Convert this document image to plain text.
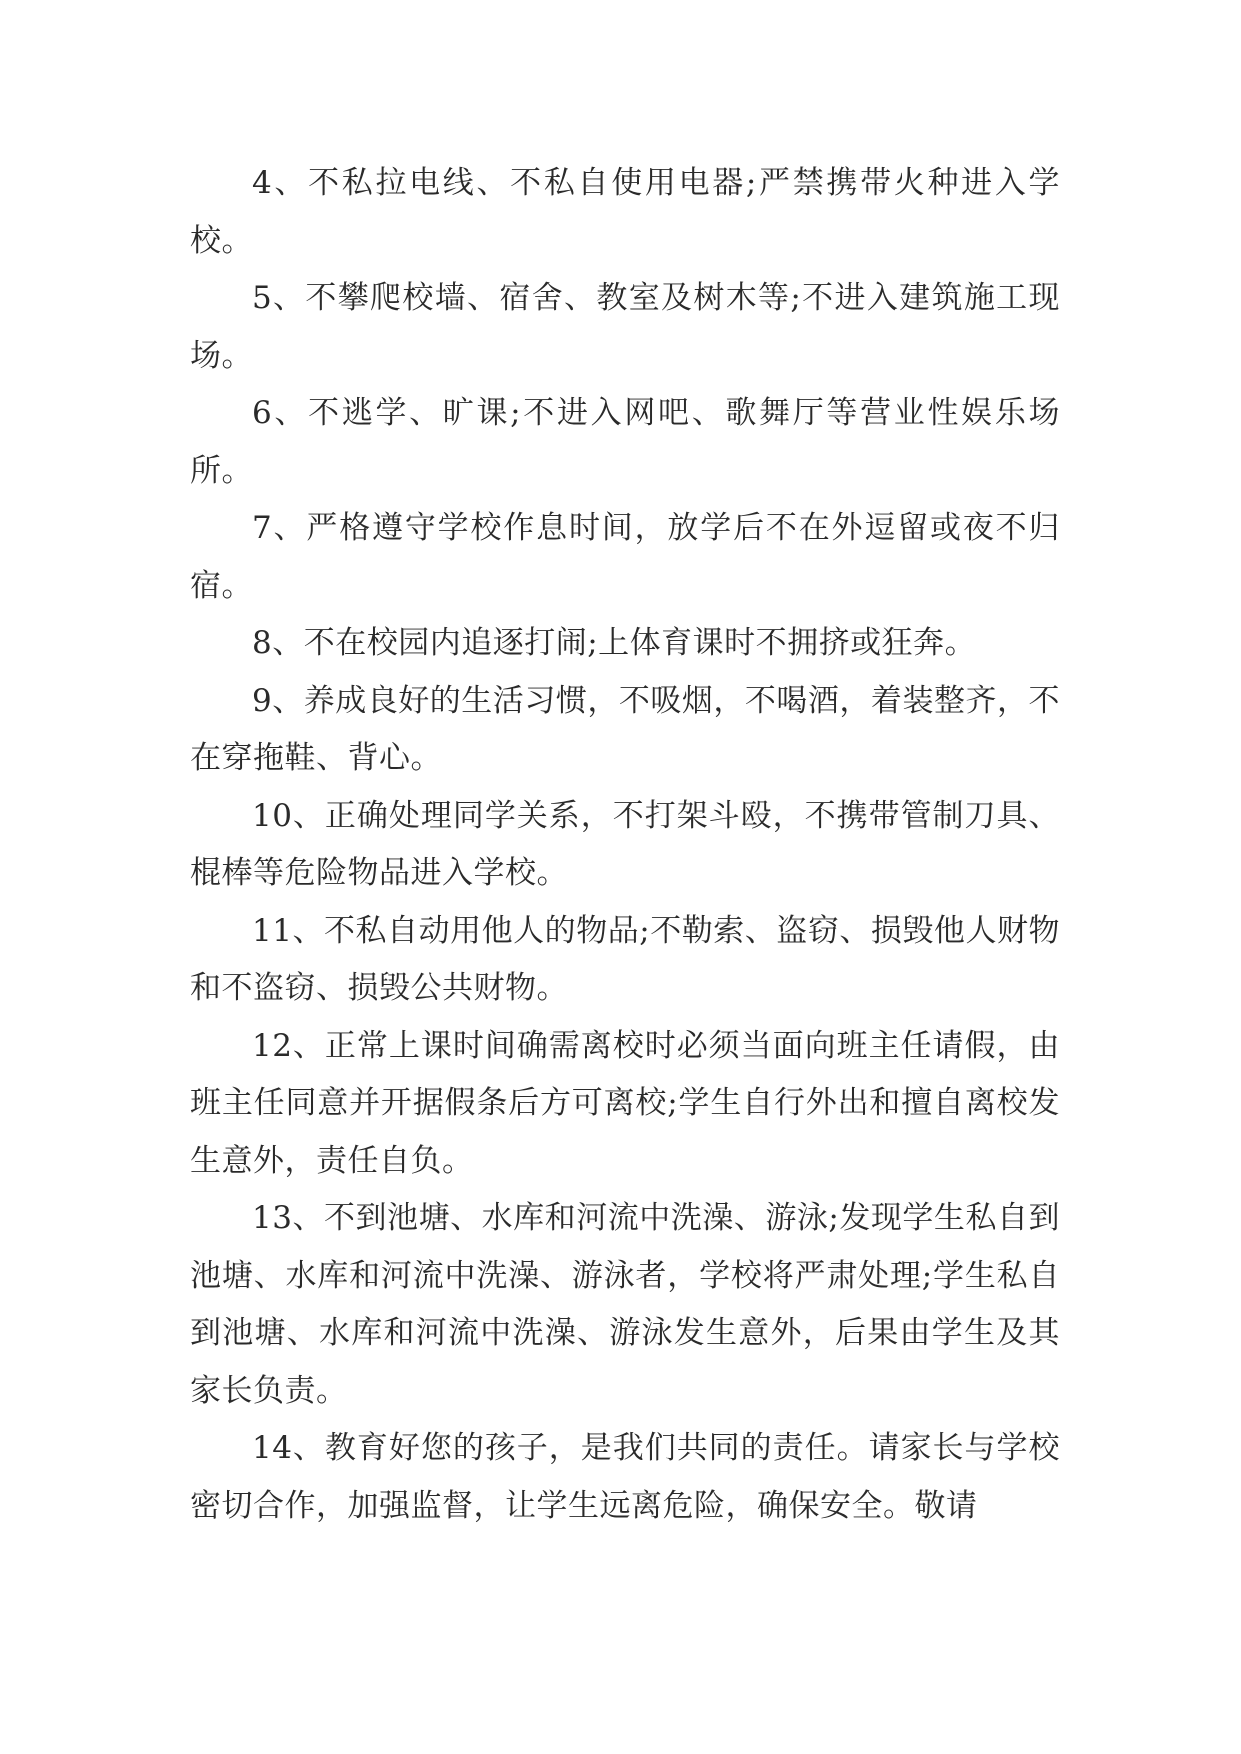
4、不私拉电线、不私自使用电器;严禁携带火种进入学校。

5、不攀爬校墙、宿舍、教室及树木等;不进入建筑施工现场。

6、不逃学、旷课;不进入网吧、歌舞厅等营业性娱乐场所。

7、严格遵守学校作息时间，放学后不在外逗留或夜不归宿。

8、不在校园内追逐打闹;上体育课时不拥挤或狂奔。

9、养成良好的生活习惯，不吸烟，不喝酒，着装整齐，不在穿拖鞋、背心。

10、正确处理同学关系，不打架斗殴，不携带管制刀具、棍棒等危险物品进入学校。

11、不私自动用他人的物品;不勒索、盗窃、损毁他人财物和不盗窃、损毁公共财物。

12、正常上课时间确需离校时必须当面向班主任请假，由班主任同意并开据假条后方可离校;学生自行外出和擅自离校发生意外，责任自负。

13、不到池塘、水库和河流中洗澡、游泳;发现学生私自到池塘、水库和河流中洗澡、游泳者，学校将严肃处理;学生私自到池塘、水库和河流中洗澡、游泳发生意外，后果由学生及其家长负责。

14、教育好您的孩子，是我们共同的责任。请家长与学校密切合作，加强监督，让学生远离危险，确保安全。敬请
